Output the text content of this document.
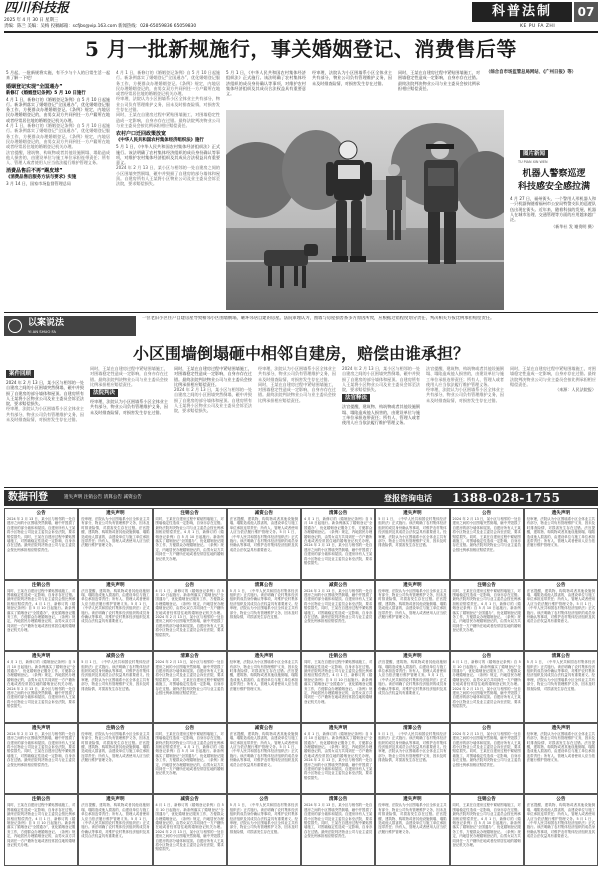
四川科技报
2025 年 4 月 30 日 星期三
责编：陈兰 美编：吴梅 投稿邮箱：scfjbs@vip.163.com 新闻热线：028-65059836 65059830
科普法制	07
KE PU FA ZHI
5 月一批新规施行，事关婚姻登记、消费售后等
5 月起，一批新规将实施，有不少与个人的日常生活一起来了解一下吧！
婚姻登记实现“全国通办”
新修订《婚姻登记条例》5 月 10 日施行
4 月 1 日，新修订的《婚姻登记条例》自 5 月 10 日起施行。新条例落实了婚姻登记“全国通办”，优化婚姻登记服务工作，方便群众办理婚姻登记。《条例》规定，内地居民办理婚姻登记的，由男女双方共同到任一方户籍所在地或者经常居住地的婚姻登记机关办理。
4 月 1 日，新修订的《婚姻登记条例》自 5 月 10 日起施行。新条例落实了婚姻登记“全国通办”，优化婚姻登记服务工作，方便群众办理婚姻登记。《条例》规定，内地居民办理婚姻登记的，由男女双方共同到任一方户籍所在地或者经常居住地的婚姻登记机关办理。
法官提醒，建筑物、构筑物或者其他设施倒塌、塌陷造成他人损害的，由建设单位与施工单位承担连带责任；所有人、管理人或者使用人应当依法履行维护管理义务。
消费品售后不再“踢皮球”
《消费品售后服务方法与要求》实施
3 月 14 日，国家市场监督管理总局
4 月 1 日，新修订的《婚姻登记条例》自 5 月 10 日起施行。新条例落实了婚姻登记“全国通办”，优化婚姻登记服务工作，方便群众办理婚姻登记。《条例》规定，内地居民办理婚姻登记的，由男女双方共同到任一方户籍所在地或者经常居住地的婚姻登记机关办理。
经审理，法院认为小区围墙系小区全体业主共有部分，物业公司负有管理维护义务，因未及时排查险情，对损害发生存在过错。
同时，王某在自建房过程中紧贴围墙施工，对围墙稳定性造成一定影响，自身亦存在过错。最终法院判决物业公司与业主委员会按比例承担相应赔偿责任。
农村户口迁回政策放宽
《中华人民共和国农村集体经济组织法》施行
5 月 1 日，《中华人民共和国农村集体经济组织法》正式施行。该法明确了农村集体经济组织的成员身份确认等事项，对维护农村集体经济组织及其成员合法权益具有重要意义。
2024 年 2 月 13 日，某小区与相邻的一处自建房之间的小区围墙突然倒塌，砸中并毁损了自建房的部分墙体和屋顶。自建房所有人王某将小区物业公司及业主委员会诉至法院，要求赔偿损失。
5 月 1 日，《中华人民共和国农村集体经济组织法》正式施行。该法明确了农村集体经济组织的成员身份确认等事项，对维护农村集体经济组织及其成员合法权益具有重要意义。
经审理，法院认为小区围墙系小区全体业主共有部分，物业公司负有管理维护义务，因未及时排查险情，对损害发生存在过错。
同时，王某在自建房过程中紧贴围墙施工，对围墙稳定性造成一定影响，自身亦存在过错。最终法院判决物业公司与业主委员会按比例承担相应赔偿责任。
（综合自市场监管总局网站、《广州日报》等）
图片新闻
TU PIAN XIN WEN
机器人警察巡逻
科技感安全感拉满
4 月 27 日，福州街头，一个警用人形机器人和一只机器狗随着福州市公安局特警支队的巡逻队伍出现在街头。近年来，随着科技的发展，机器人在城市治理、交通管理等方面的应用越来越广泛。
（新华社 发 谢贵明 摄）
以案说法
YI AN SHUO FA
一位老旧小区住户自建房屋导致相邻小区围墙倒塌，砸坏邻居自建的房屋。法院审理认为，围墙与房屋损害系多方原因所致，应根据过错程度划分责任，判决相关方按比例承担赔偿责任。
小区围墙倒塌砸中相邻自建房，赔偿由谁承担？
案件回顾
2024 年 2 月 13 日，某小区与相邻的一处自建房之间的小区围墙突然倒塌，砸中并毁损了自建房的部分墙体和屋顶。自建房所有人王某将小区物业公司及业主委员会诉至法院，要求赔偿损失。
经审理，法院认为小区围墙系小区全体业主共有部分，物业公司负有管理维护义务，因未及时排查险情，对损害发生存在过错。
同时，王某在自建房过程中紧贴围墙施工，对围墙稳定性造成一定影响，自身亦存在过错。最终法院判决物业公司与业主委员会按比例承担相应赔偿责任。
法院判决
经审理，法院认为小区围墙系小区全体业主共有部分，物业公司负有管理维护义务，因未及时排查险情，对损害发生存在过错。
同时，王某在自建房过程中紧贴围墙施工，对围墙稳定性造成一定影响，自身亦存在过错。最终法院判决物业公司与业主委员会按比例承担相应赔偿责任。
2024 年 2 月 13 日，某小区与相邻的一处自建房之间的小区围墙突然倒塌，砸中并毁损了自建房的部分墙体和屋顶。自建房所有人王某将小区物业公司及业主委员会诉至法院，要求赔偿损失。
经审理，法院认为小区围墙系小区全体业主共有部分，物业公司负有管理维护义务，因未及时排查险情，对损害发生存在过错。
同时，王某在自建房过程中紧贴围墙施工，对围墙稳定性造成一定影响，自身亦存在过错。最终法院判决物业公司与业主委员会按比例承担相应赔偿责任。
2024 年 2 月 13 日，某小区与相邻的一处自建房之间的小区围墙突然倒塌，砸中并毁损了自建房的部分墙体和屋顶。自建房所有人王某将小区物业公司及业主委员会诉至法院，要求赔偿损失。
法官释法
法官提醒，建筑物、构筑物或者其他设施倒塌、塌陷造成他人损害的，由建设单位与施工单位承担连带责任；所有人、管理人或者使用人应当依法履行维护管理义务。
法官提醒，建筑物、构筑物或者其他设施倒塌、塌陷造成他人损害的，由建设单位与施工单位承担连带责任；所有人、管理人或者使用人应当依法履行维护管理义务。
经审理，法院认为小区围墙系小区全体业主共有部分，物业公司负有管理维护义务，因未及时排查险情，对损害发生存在过错。
同时，王某在自建房过程中紧贴围墙施工，对围墙稳定性造成一定影响，自身亦存在过错。最终法院判决物业公司与业主委员会按比例承担相应赔偿责任。
（来源：人民法院报）
数据刊登	遗失声明 注销公告 清算公告 减资公告	登报咨询电话 1388-028-1755
公告
2024 年 2 月 13 日，某小区与相邻的一处自建房之间的小区围墙突然倒塌，砸中并毁损了自建房的部分墙体和屋顶。自建房所有人王某将小区物业公司及业主委员会诉至法院，要求赔偿损失。同时，王某在自建房过程中紧贴围墙施工，对围墙稳定性造成一定影响，自身亦存在过错。最终法院判决物业公司与业主委员会按比例承担相应赔偿责任。
遗失声明
经审理，法院认为小区围墙系小区全体业主共有部分，物业公司负有管理维护义务，因未及时排查险情，对损害发生存在过错。法官提醒，建筑物、构筑物或者其他设施倒塌、塌陷造成他人损害的，由建设单位与施工单位承担连带责任；所有人、管理人或者使用人应当依法履行维护管理义务。
注销公告
同时，王某在自建房过程中紧贴围墙施工，对围墙稳定性造成一定影响，自身亦存在过错。最终法院判决物业公司与业主委员会按比例承担相应赔偿责任。4 月 1 日，新修订的《婚姻登记条例》自 5 月 10 日起施行。新条例落实了婚姻登记“全国通办”，优化婚姻登记服务工作，方便群众办理婚姻登记。《条例》规定，内地居民办理婚姻登记的，由男女双方共同到任一方户籍所在地或者经常居住地的婚姻登记机关办理。
减资公告
法官提醒，建筑物、构筑物或者其他设施倒塌、塌陷造成他人损害的，由建设单位与施工单位承担连带责任；所有人、管理人或者使用人应当依法履行维护管理义务。5 月 1 日，《中华人民共和国农村集体经济组织法》正式施行。该法明确了农村集体经济组织的成员身份确认等事项，对维护农村集体经济组织及其成员合法权益具有重要意义。
清算公告
4 月 1 日，新修订的《婚姻登记条例》自 5 月 10 日起施行。新条例落实了婚姻登记“全国通办”，优化婚姻登记服务工作，方便群众办理婚姻登记。《条例》规定，内地居民办理婚姻登记的，由男女双方共同到任一方户籍所在地或者经常居住地的婚姻登记机关办理。2024 年 2 月 13 日，某小区与相邻的一处自建房之间的小区围墙突然倒塌，砸中并毁损了自建房的部分墙体和屋顶。自建房所有人王某将小区物业公司及业主委员会诉至法院，要求赔偿损失。
遗失声明
5 月 1 日，《中华人民共和国农村集体经济组织法》正式施行。该法明确了农村集体经济组织的成员身份确认等事项，对维护农村集体经济组织及其成员合法权益具有重要意义。经审理，法院认为小区围墙系小区全体业主共有部分，物业公司负有管理维护义务，因未及时排查险情，对损害发生存在过错。
公告
2024 年 2 月 13 日，某小区与相邻的一处自建房之间的小区围墙突然倒塌，砸中并毁损了自建房的部分墙体和屋顶。自建房所有人王某将小区物业公司及业主委员会诉至法院，要求赔偿损失。同时，王某在自建房过程中紧贴围墙施工，对围墙稳定性造成一定影响，自身亦存在过错。最终法院判决物业公司与业主委员会按比例承担相应赔偿责任。
遗失声明
经审理，法院认为小区围墙系小区全体业主共有部分，物业公司负有管理维护义务，因未及时排查险情，对损害发生存在过错。法官提醒，建筑物、构筑物或者其他设施倒塌、塌陷造成他人损害的，由建设单位与施工单位承担连带责任；所有人、管理人或者使用人应当依法履行维护管理义务。
注销公告
同时，王某在自建房过程中紧贴围墙施工，对围墙稳定性造成一定影响，自身亦存在过错。最终法院判决物业公司与业主委员会按比例承担相应赔偿责任。4 月 1 日，新修订的《婚姻登记条例》自 5 月 10 日起施行。新条例落实了婚姻登记“全国通办”，优化婚姻登记服务工作，方便群众办理婚姻登记。《条例》规定，内地居民办理婚姻登记的，由男女双方共同到任一方户籍所在地或者经常居住地的婚姻登记机关办理。
遗失声明
法官提醒，建筑物、构筑物或者其他设施倒塌、塌陷造成他人损害的，由建设单位与施工单位承担连带责任；所有人、管理人或者使用人应当依法履行维护管理义务。5 月 1 日，《中华人民共和国农村集体经济组织法》正式施行。该法明确了农村集体经济组织的成员身份确认等事项，对维护农村集体经济组织及其成员合法权益具有重要意义。
公告
4 月 1 日，新修订的《婚姻登记条例》自 5 月 10 日起施行。新条例落实了婚姻登记“全国通办”，优化婚姻登记服务工作，方便群众办理婚姻登记。《条例》规定，内地居民办理婚姻登记的，由男女双方共同到任一方户籍所在地或者经常居住地的婚姻登记机关办理。2024 年 2 月 13 日，某小区与相邻的一处自建房之间的小区围墙突然倒塌，砸中并毁损了自建房的部分墙体和屋顶。自建房所有人王某将小区物业公司及业主委员会诉至法院，要求赔偿损失。
清算公告
5 月 1 日，《中华人民共和国农村集体经济组织法》正式施行。该法明确了农村集体经济组织的成员身份确认等事项，对维护农村集体经济组织及其成员合法权益具有重要意义。经审理，法院认为小区围墙系小区全体业主共有部分，物业公司负有管理维护义务，因未及时排查险情，对损害发生存在过错。
减资公告
2024 年 2 月 13 日，某小区与相邻的一处自建房之间的小区围墙突然倒塌，砸中并毁损了自建房的部分墙体和屋顶。自建房所有人王某将小区物业公司及业主委员会诉至法院，要求赔偿损失。同时，王某在自建房过程中紧贴围墙施工，对围墙稳定性造成一定影响，自身亦存在过错。最终法院判决物业公司与业主委员会按比例承担相应赔偿责任。
遗失声明
经审理，法院认为小区围墙系小区全体业主共有部分，物业公司负有管理维护义务，因未及时排查险情，对损害发生存在过错。法官提醒，建筑物、构筑物或者其他设施倒塌、塌陷造成他人损害的，由建设单位与施工单位承担连带责任；所有人、管理人或者使用人应当依法履行维护管理义务。
注销公告
同时，王某在自建房过程中紧贴围墙施工，对围墙稳定性造成一定影响，自身亦存在过错。最终法院判决物业公司与业主委员会按比例承担相应赔偿责任。4 月 1 日，新修订的《婚姻登记条例》自 5 月 10 日起施行。新条例落实了婚姻登记“全国通办”，优化婚姻登记服务工作，方便群众办理婚姻登记。《条例》规定，内地居民办理婚姻登记的，由男女双方共同到任一方户籍所在地或者经常居住地的婚姻登记机关办理。
公告
法官提醒，建筑物、构筑物或者其他设施倒塌、塌陷造成他人损害的，由建设单位与施工单位承担连带责任；所有人、管理人或者使用人应当依法履行维护管理义务。5 月 1 日，《中华人民共和国农村集体经济组织法》正式施行。该法明确了农村集体经济组织的成员身份确认等事项，对维护农村集体经济组织及其成员合法权益具有重要意义。
遗失声明
4 月 1 日，新修订的《婚姻登记条例》自 5 月 10 日起施行。新条例落实了婚姻登记“全国通办”，优化婚姻登记服务工作，方便群众办理婚姻登记。《条例》规定，内地居民办理婚姻登记的，由男女双方共同到任一方户籍所在地或者经常居住地的婚姻登记机关办理。2024 年 2 月 13 日，某小区与相邻的一处自建房之间的小区围墙突然倒塌，砸中并毁损了自建房的部分墙体和屋顶。自建房所有人王某将小区物业公司及业主委员会诉至法院，要求赔偿损失。
减资公告
5 月 1 日，《中华人民共和国农村集体经济组织法》正式施行。该法明确了农村集体经济组织的成员身份确认等事项，对维护农村集体经济组织及其成员合法权益具有重要意义。经审理，法院认为小区围墙系小区全体业主共有部分，物业公司负有管理维护义务，因未及时排查险情，对损害发生存在过错。
清算公告
2024 年 2 月 13 日，某小区与相邻的一处自建房之间的小区围墙突然倒塌，砸中并毁损了自建房的部分墙体和屋顶。自建房所有人王某将小区物业公司及业主委员会诉至法院，要求赔偿损失。同时，王某在自建房过程中紧贴围墙施工，对围墙稳定性造成一定影响，自身亦存在过错。最终法院判决物业公司与业主委员会按比例承担相应赔偿责任。
遗失声明
经审理，法院认为小区围墙系小区全体业主共有部分，物业公司负有管理维护义务，因未及时排查险情，对损害发生存在过错。法官提醒，建筑物、构筑物或者其他设施倒塌、塌陷造成他人损害的，由建设单位与施工单位承担连带责任；所有人、管理人或者使用人应当依法履行维护管理义务。
注销公告
同时，王某在自建房过程中紧贴围墙施工，对围墙稳定性造成一定影响，自身亦存在过错。最终法院判决物业公司与业主委员会按比例承担相应赔偿责任。4 月 1 日，新修订的《婚姻登记条例》自 5 月 10 日起施行。新条例落实了婚姻登记“全国通办”，优化婚姻登记服务工作，方便群众办理婚姻登记。《条例》规定，内地居民办理婚姻登记的，由男女双方共同到任一方户籍所在地或者经常居住地的婚姻登记机关办理。
遗失声明
法官提醒，建筑物、构筑物或者其他设施倒塌、塌陷造成他人损害的，由建设单位与施工单位承担连带责任；所有人、管理人或者使用人应当依法履行维护管理义务。5 月 1 日，《中华人民共和国农村集体经济组织法》正式施行。该法明确了农村集体经济组织的成员身份确认等事项，对维护农村集体经济组织及其成员合法权益具有重要意义。
公告
4 月 1 日，新修订的《婚姻登记条例》自 5 月 10 日起施行。新条例落实了婚姻登记“全国通办”，优化婚姻登记服务工作，方便群众办理婚姻登记。《条例》规定，内地居民办理婚姻登记的，由男女双方共同到任一方户籍所在地或者经常居住地的婚姻登记机关办理。2024 年 2 月 13 日，某小区与相邻的一处自建房之间的小区围墙突然倒塌，砸中并毁损了自建房的部分墙体和屋顶。自建房所有人王某将小区物业公司及业主委员会诉至法院，要求赔偿损失。
清算公告
5 月 1 日，《中华人民共和国农村集体经济组织法》正式施行。该法明确了农村集体经济组织的成员身份确认等事项，对维护农村集体经济组织及其成员合法权益具有重要意义。经审理，法院认为小区围墙系小区全体业主共有部分，物业公司负有管理维护义务，因未及时排查险情，对损害发生存在过错。
遗失声明
2024 年 2 月 13 日，某小区与相邻的一处自建房之间的小区围墙突然倒塌，砸中并毁损了自建房的部分墙体和屋顶。自建房所有人王某将小区物业公司及业主委员会诉至法院，要求赔偿损失。同时，王某在自建房过程中紧贴围墙施工，对围墙稳定性造成一定影响，自身亦存在过错。最终法院判决物业公司与业主委员会按比例承担相应赔偿责任。
注销公告
经审理，法院认为小区围墙系小区全体业主共有部分，物业公司负有管理维护义务，因未及时排查险情，对损害发生存在过错。法官提醒，建筑物、构筑物或者其他设施倒塌、塌陷造成他人损害的，由建设单位与施工单位承担连带责任；所有人、管理人或者使用人应当依法履行维护管理义务。
公告
同时，王某在自建房过程中紧贴围墙施工，对围墙稳定性造成一定影响，自身亦存在过错。最终法院判决物业公司与业主委员会按比例承担相应赔偿责任。4 月 1 日，新修订的《婚姻登记条例》自 5 月 10 日起施行。新条例落实了婚姻登记“全国通办”，优化婚姻登记服务工作，方便群众办理婚姻登记。《条例》规定，内地居民办理婚姻登记的，由男女双方共同到任一方户籍所在地或者经常居住地的婚姻登记机关办理。
减资公告
法官提醒，建筑物、构筑物或者其他设施倒塌、塌陷造成他人损害的，由建设单位与施工单位承担连带责任；所有人、管理人或者使用人应当依法履行维护管理义务。5 月 1 日，《中华人民共和国农村集体经济组织法》正式施行。该法明确了农村集体经济组织的成员身份确认等事项，对维护农村集体经济组织及其成员合法权益具有重要意义。
遗失声明
4 月 1 日，新修订的《婚姻登记条例》自 5 月 10 日起施行。新条例落实了婚姻登记“全国通办”，优化婚姻登记服务工作，方便群众办理婚姻登记。《条例》规定，内地居民办理婚姻登记的，由男女双方共同到任一方户籍所在地或者经常居住地的婚姻登记机关办理。2024 年 2 月 13 日，某小区与相邻的一处自建房之间的小区围墙突然倒塌，砸中并毁损了自建房的部分墙体和屋顶。自建房所有人王某将小区物业公司及业主委员会诉至法院，要求赔偿损失。
清算公告
5 月 1 日，《中华人民共和国农村集体经济组织法》正式施行。该法明确了农村集体经济组织的成员身份确认等事项，对维护农村集体经济组织及其成员合法权益具有重要意义。经审理，法院认为小区围墙系小区全体业主共有部分，物业公司负有管理维护义务，因未及时排查险情，对损害发生存在过错。
公告
2024 年 2 月 13 日，某小区与相邻的一处自建房之间的小区围墙突然倒塌，砸中并毁损了自建房的部分墙体和屋顶。自建房所有人王某将小区物业公司及业主委员会诉至法院，要求赔偿损失。同时，王某在自建房过程中紧贴围墙施工，对围墙稳定性造成一定影响，自身亦存在过错。最终法院判决物业公司与业主委员会按比例承担相应赔偿责任。
遗失声明
经审理，法院认为小区围墙系小区全体业主共有部分，物业公司负有管理维护义务，因未及时排查险情，对损害发生存在过错。法官提醒，建筑物、构筑物或者其他设施倒塌、塌陷造成他人损害的，由建设单位与施工单位承担连带责任；所有人、管理人或者使用人应当依法履行维护管理义务。
注销公告
同时，王某在自建房过程中紧贴围墙施工，对围墙稳定性造成一定影响，自身亦存在过错。最终法院判决物业公司与业主委员会按比例承担相应赔偿责任。4 月 1 日，新修订的《婚姻登记条例》自 5 月 10 日起施行。新条例落实了婚姻登记“全国通办”，优化婚姻登记服务工作，方便群众办理婚姻登记。《条例》规定，内地居民办理婚姻登记的，由男女双方共同到任一方户籍所在地或者经常居住地的婚姻登记机关办理。
遗失声明
法官提醒，建筑物、构筑物或者其他设施倒塌、塌陷造成他人损害的，由建设单位与施工单位承担连带责任；所有人、管理人或者使用人应当依法履行维护管理义务。5 月 1 日，《中华人民共和国农村集体经济组织法》正式施行。该法明确了农村集体经济组织的成员身份确认等事项，对维护农村集体经济组织及其成员合法权益具有重要意义。
减资公告
4 月 1 日，新修订的《婚姻登记条例》自 5 月 10 日起施行。新条例落实了婚姻登记“全国通办”，优化婚姻登记服务工作，方便群众办理婚姻登记。《条例》规定，内地居民办理婚姻登记的，由男女双方共同到任一方户籍所在地或者经常居住地的婚姻登记机关办理。2024 年 2 月 13 日，某小区与相邻的一处自建房之间的小区围墙突然倒塌，砸中并毁损了自建房的部分墙体和屋顶。自建房所有人王某将小区物业公司及业主委员会诉至法院，要求赔偿损失。
公告
5 月 1 日，《中华人民共和国农村集体经济组织法》正式施行。该法明确了农村集体经济组织的成员身份确认等事项，对维护农村集体经济组织及其成员合法权益具有重要意义。经审理，法院认为小区围墙系小区全体业主共有部分，物业公司负有管理维护义务，因未及时排查险情，对损害发生存在过错。
清算公告
2024 年 2 月 13 日，某小区与相邻的一处自建房之间的小区围墙突然倒塌，砸中并毁损了自建房的部分墙体和屋顶。自建房所有人王某将小区物业公司及业主委员会诉至法院，要求赔偿损失。同时，王某在自建房过程中紧贴围墙施工，对围墙稳定性造成一定影响，自身亦存在过错。最终法院判决物业公司与业主委员会按比例承担相应赔偿责任。
遗失声明
经审理，法院认为小区围墙系小区全体业主共有部分，物业公司负有管理维护义务，因未及时排查险情，对损害发生存在过错。法官提醒，建筑物、构筑物或者其他设施倒塌、塌陷造成他人损害的，由建设单位与施工单位承担连带责任；所有人、管理人或者使用人应当依法履行维护管理义务。
注销公告
同时，王某在自建房过程中紧贴围墙施工，对围墙稳定性造成一定影响，自身亦存在过错。最终法院判决物业公司与业主委员会按比例承担相应赔偿责任。4 月 1 日，新修订的《婚姻登记条例》自 5 月 10 日起施行。新条例落实了婚姻登记“全国通办”，优化婚姻登记服务工作，方便群众办理婚姻登记。《条例》规定，内地居民办理婚姻登记的，由男女双方共同到任一方户籍所在地或者经常居住地的婚姻登记机关办理。
公告
法官提醒，建筑物、构筑物或者其他设施倒塌、塌陷造成他人损害的，由建设单位与施工单位承担连带责任；所有人、管理人或者使用人应当依法履行维护管理义务。5 月 1 日，《中华人民共和国农村集体经济组织法》正式施行。该法明确了农村集体经济组织的成员身份确认等事项，对维护农村集体经济组织及其成员合法权益具有重要意义。
